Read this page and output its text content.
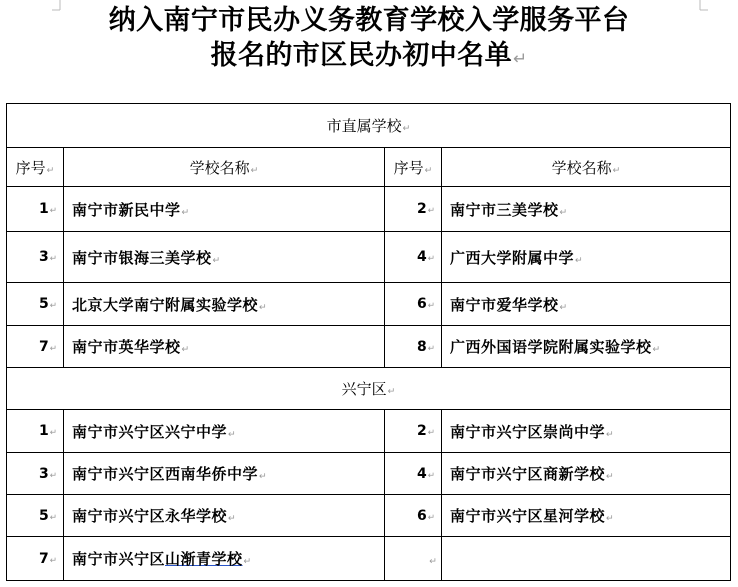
纳入南宁市民办义务教育学校入学服务平台
报名的市区民办初中名单↵
市直属学校↵			
序号↵	学校名称↵	序号↵	学校名称↵
1↵	南宁市新民中学↵	2↵	南宁市三美学校↵
3↵	南宁市银海三美学校↵	4↵	广西大学附属中学↵
5↵	北京大学南宁附属实验学校↵	6↵	南宁市爱华学校↵
7↵	南宁市英华学校↵	8↵	广西外国语学院附属实验学校↵
兴宁区↵			
1↵	南宁市兴宁区兴宁中学↵	2↵	南宁市兴宁区崇尚中学↵
3↵	南宁市兴宁区西南华侨中学↵	4↵	南宁市兴宁区商新学校↵
5↵	南宁市兴宁区永华学校↵	6↵	南宁市兴宁区星河学校↵
7↵	南宁市兴宁区山渐青学校↵	↵	
